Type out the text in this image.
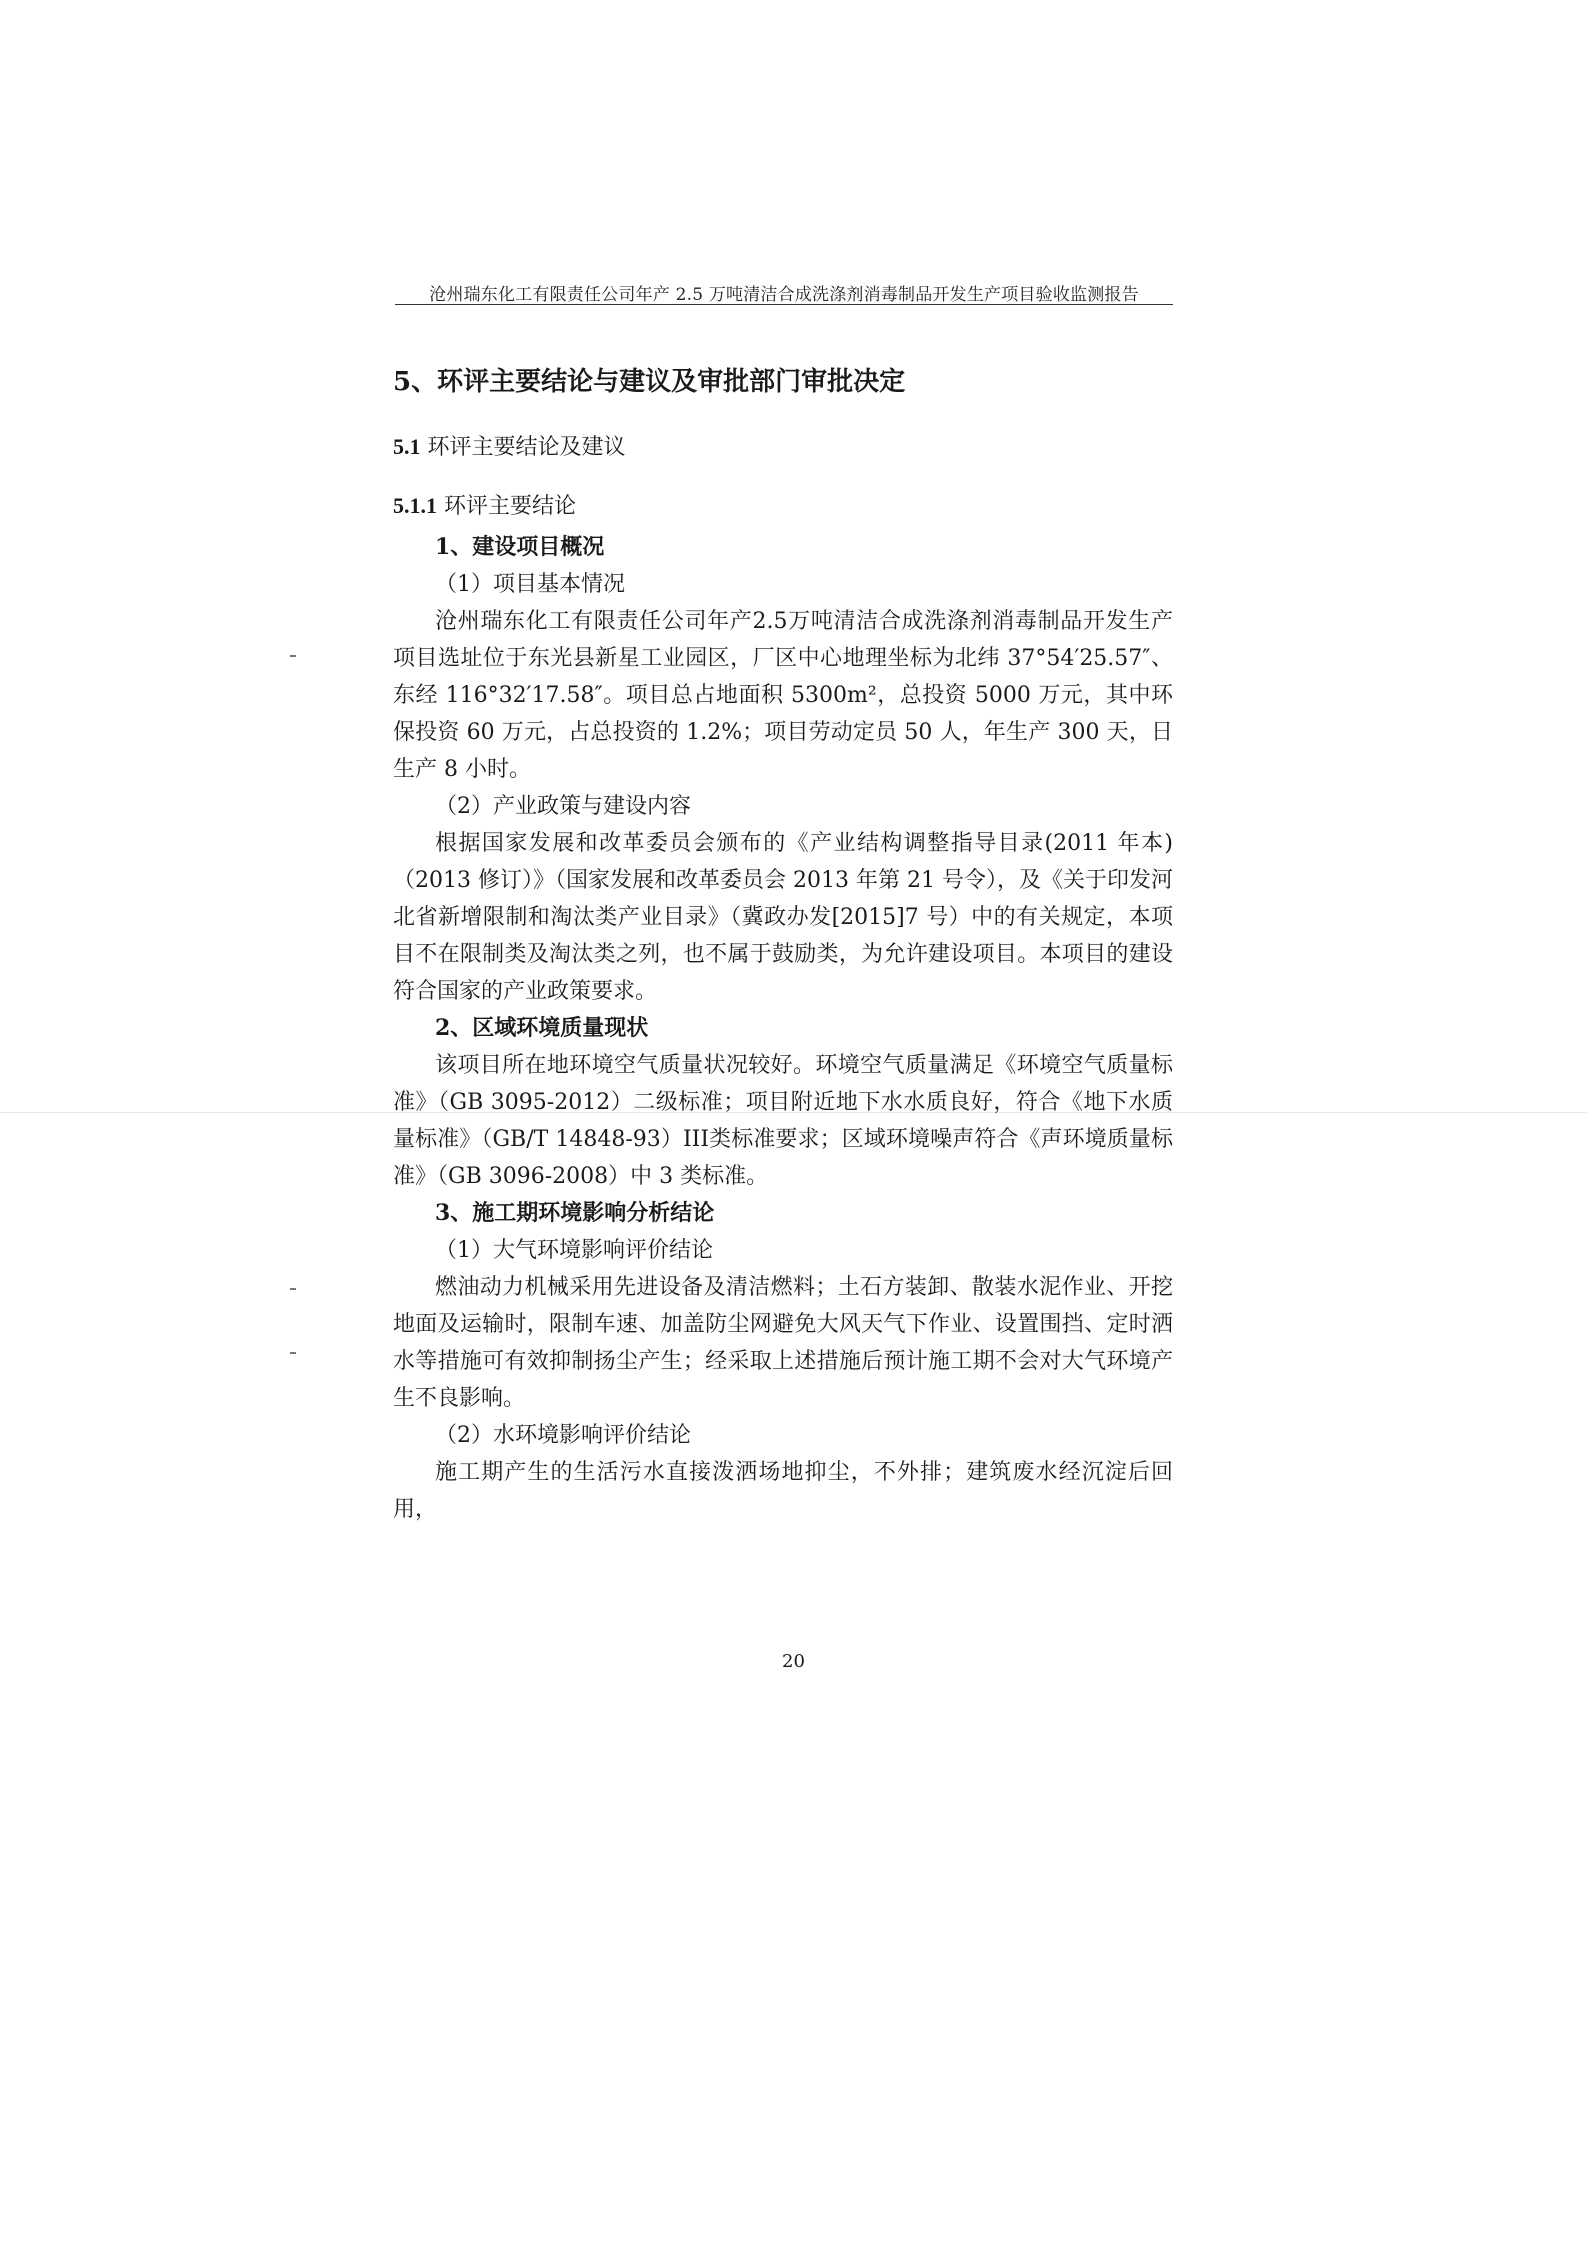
沧州瑞东化工有限责任公司年产 2.5 万吨清洁合成洗涤剂消毒制品开发生产项目验收监测报告
5、环评主要结论与建议及审批部门审批决定
5.1 环评主要结论及建议
5.1.1 环评主要结论
1、建设项目概况
（1）项目基本情况
沧州瑞东化工有限责任公司年产2.5万吨清洁合成洗涤剂消毒制品开发生产项目选址位于东光县新星工业园区，厂区中心地理坐标为北纬 37°54′25.57″、东经 116°32′17.58″。项目总占地面积 5300m²，总投资 5000 万元，其中环保投资 60 万元，占总投资的 1.2%；项目劳动定员 50 人，年生产 300 天，日生产 8 小时。
（2）产业政策与建设内容
根据国家发展和改革委员会颁布的《产业结构调整指导目录(2011 年本)（2013 修订）》（国家发展和改革委员会 2013 年第 21 号令），及《关于印发河北省新增限制和淘汰类产业目录》（冀政办发[2015]7 号）中的有关规定，本项目不在限制类及淘汰类之列，也不属于鼓励类，为允许建设项目。本项目的建设符合国家的产业政策要求。
2、区域环境质量现状
该项目所在地环境空气质量状况较好。环境空气质量满足《环境空气质量标准》（GB 3095-2012）二级标准；项目附近地下水水质良好，符合《地下水质量标准》（GB/T 14848-93）III类标准要求；区域环境噪声符合《声环境质量标准》（GB 3096-2008）中 3 类标准。
3、施工期环境影响分析结论
（1）大气环境影响评价结论
燃油动力机械采用先进设备及清洁燃料；土石方装卸、散装水泥作业、开挖地面及运输时，限制车速、加盖防尘网避免大风天气下作业、设置围挡、定时洒水等措施可有效抑制扬尘产生；经采取上述措施后预计施工期不会对大气环境产生不良影响。
（2）水环境影响评价结论
施工期产生的生活污水直接泼洒场地抑尘，不外排；建筑废水经沉淀后回用，
20
